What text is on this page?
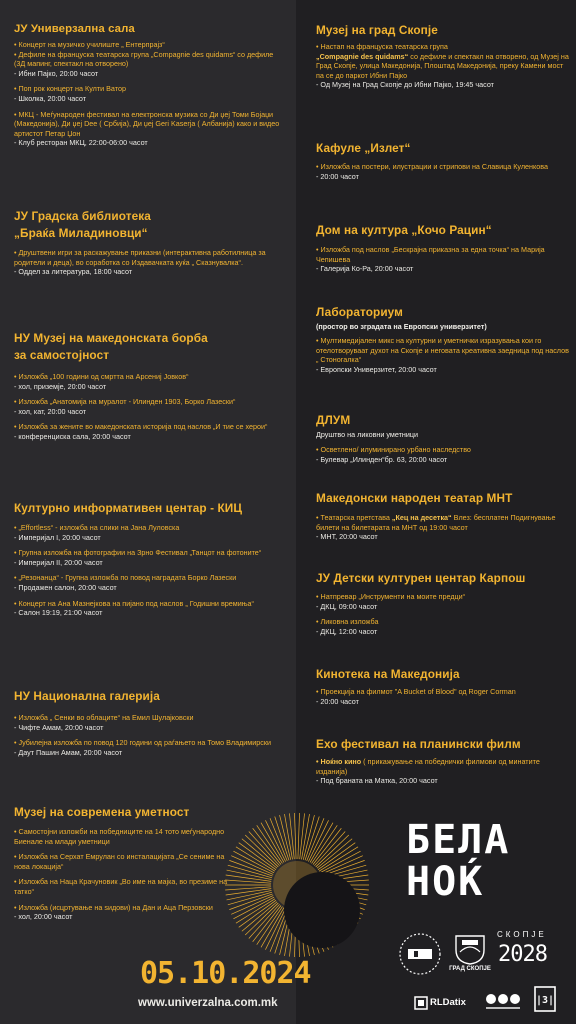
ЈУ Универзална сала
• Концерт на музичко училиште „ Ентерпрајз“
• Дефиле на француска театарска група „Compagnie des quidams“ со дефиле
(3Д мапинг, спектакл на отворено)
- Ибни Пајко, 20:00 часот
• Поп рок концерт на Култи Ватор
- Школка, 20:00 часот
• МКЦ - Меѓународен фестивал на електронска музика со Ди џеј Томи Бојаџи (Македонија), Ди џеј Dee ( Србија), Ди џеј Geri Kaserja ( Албанија) како и видео артистот Петар Џон
- Клуб ресторан МКЦ, 22:00-06:00 часот
ЈУ Градска библиотека
„Браќа Миладиновци“
• Друштвени игри за раскажување приказни (интерактивна работилница за родители и деца), во соработка со Издавачката куќа „ Сказнувалка“.
- Оддел за литература, 18:00 часот
НУ Музеј на македонската борба
за самостојност
• Изложба „100 години од смртта на Арсениј Јовков“
- хол, приземје, 20:00 часот
• Изложба „Анатомија на муралот - Илинден 1903, Борко Лазески“
- хол, кат, 20:00 часот
• Изложба за жените во македонската историја под наслов „И тие се херои“
- конференциска сала, 20:00 часот
Културно информативен центар - КИЦ
• „Effortless“ - изложба на слики на Јана Луловска
- Империјал I, 20:00 часот
• Групна изложба на фотографии на Зрно Фестивал „Танцот на фотоните“
- Империјал II, 20:00 часот
• „Резонанца“ - Групна изложба по повод наградата Борко Лазески
- Продажен салон, 20:00 часот
• Концерт на Ана Мазнејкова на пијано под наслов „ Годишни времиња“
- Салон 19:19, 21:00 часот
НУ Национална галерија
• Изложба „ Сенки во облаците“ на Емил Шулајковски
- Чифте Амам, 20:00 часот
• Јубилејна изложба по повод 120 години од раѓањето на Томо Владимирски
- Даут Пашин Амам, 20:00 часот
Музеј на современа уметност
• Самостојни изложби на победниците на 14 тото меѓународно Биенале на млади уметници
• Изложба на Серхат Емрулан со инсталацијата „Се сениме на нова локација“
• Изложба на Наца Крачуновик „Во име на мајка, во презиме на татко“
• Изложба (исцртување на ѕидови) на Дан и Аца Перзовски
- хол, 20:00 часот
Музеј на град Скопје
• Настап на француска театарска група
„Compagnie des quidams“ со дефиле и спектакл на отворено, од Музеј на Град Скопје, улица Македонија, Плоштад Македонија, преку Камени мост па се до паркот Ибни Пајко
- Од Музеј на Град Скопје до Ибни Пајко, 19:45 часот
Кафуле „Излет“
• Изложба на постери, илустрации и стрипови на Славица Куленкова
- 20:00 часот
Дом на култура „Кочо Рацин“
• Изложба под наслов „Бескрајна приказна за една точка“ на Марија Чепишева
- Галерија Ко-Ра, 20:00 часот
Лабораториум
(простор во зградата на Европски универзитет)
• Мултимедијален микс на културни и уметнички изразувања кои го отелотворуваат духот на Скопје и неговата креативна заедница под наслов „ Стоногалка“
- Европски Универзитет, 20:00 часот
ДЛУМ
Друштво на ликовни уметници
• Осветлено/ илуминирано урбано наследство
- Булевар „Илинден“бр. 63, 20:00 часот
Македонски народен театар МНТ
• Театарска претстава „Кец на десетка“ Влез: бесплатен Подигнување билети на билетарата на МНТ од 19:00 часот
- МНТ, 20:00 часот
ЈУ Детски културен центар Карпош
• Натпревар „Инструменти на моите предци“
- ДКЦ, 09:00 часот
• Ликовна изложба
- ДКЦ, 12:00 часот
Кинотека на Македонија
• Проекција на филмот "A Bucket of Blood" од Roger Corman
- 20:00 часот
Ехо фестивал на планински филм
• Ноќно кино ( прикажување на победнички филмови од минатите изданија)
- Под браната на Матка, 20:00 часот
БЕЛА
НОЌ
05.10.2024
www.univerzalna.com.mk
ГРАД СКОПЈЕ
СКОПЈЕ
2028
RLDatix	|3|
